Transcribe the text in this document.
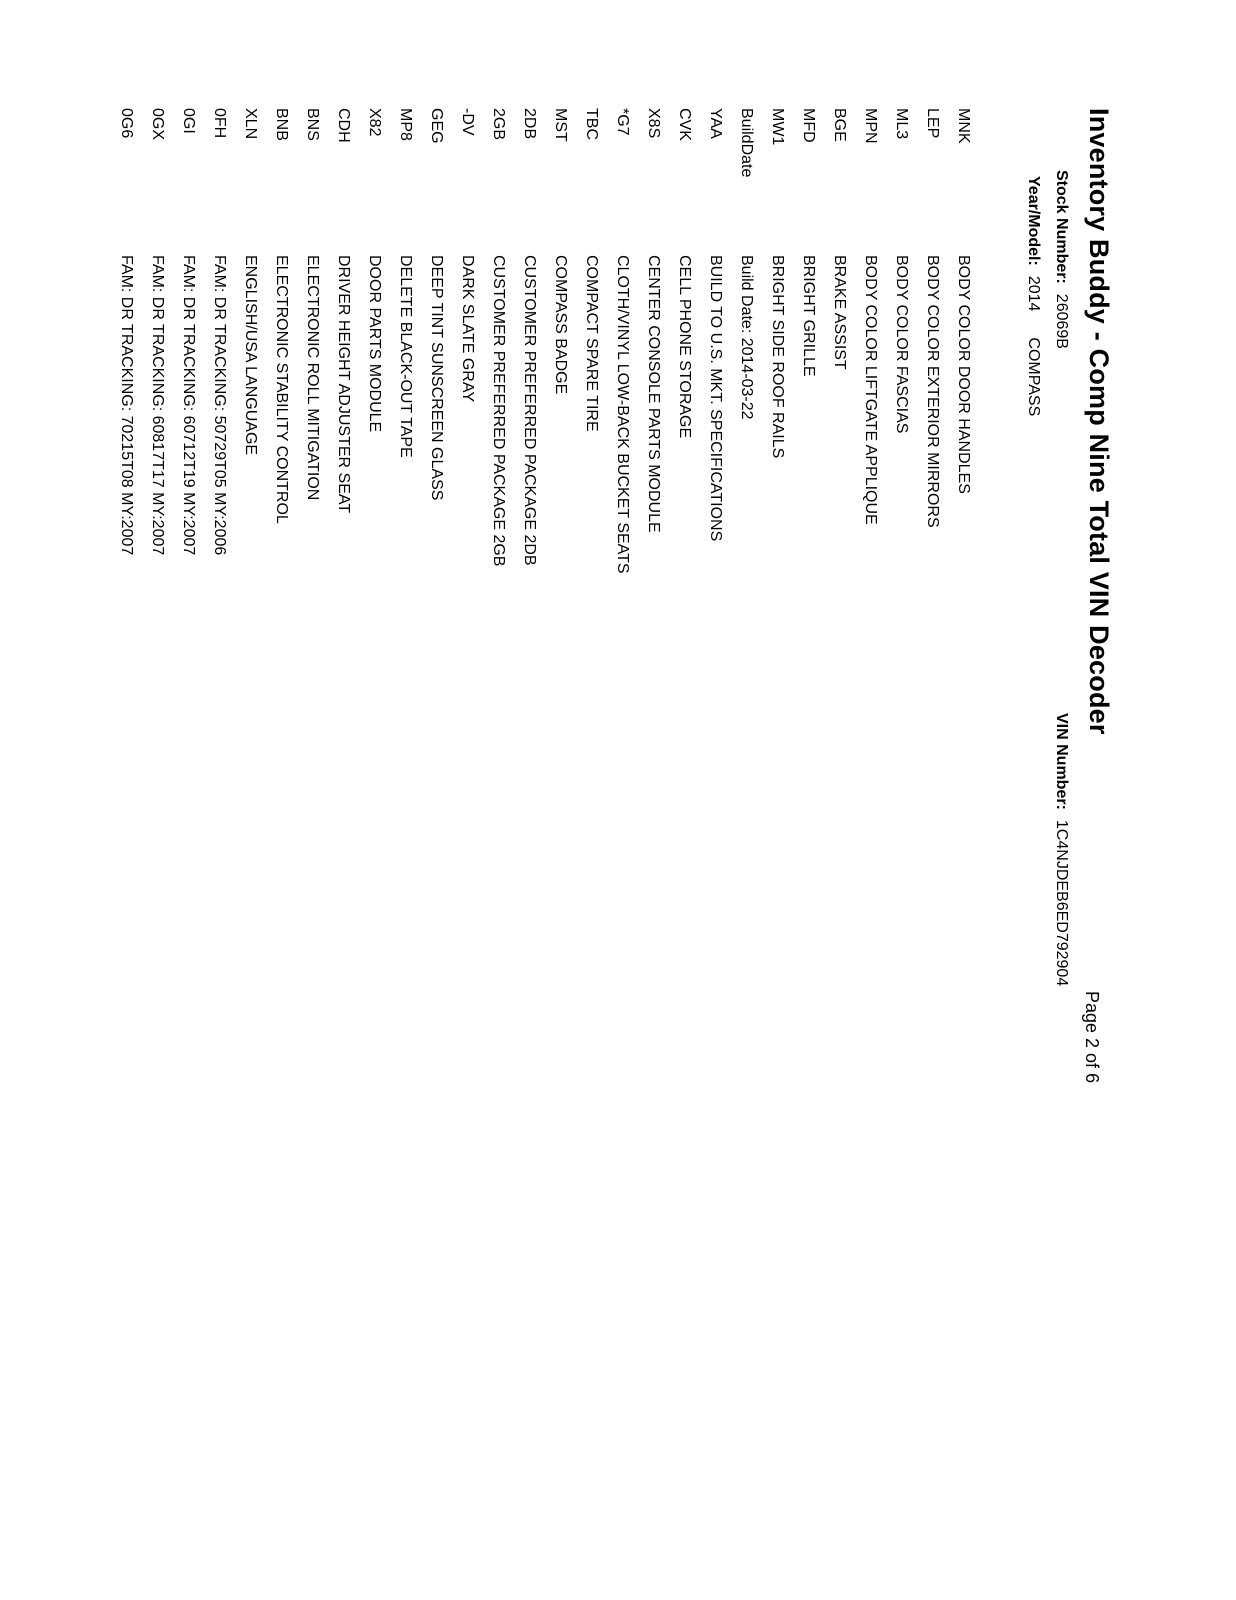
Inventory Buddy - Comp Nine Total VIN Decoder
Page 2 of 6
Stock Number:26069B
VIN Number:1C4NJDEB6ED792904
Year/Model:2014COMPASS
MNK
BODY COLOR DOOR HANDLES
LEP
BODY COLOR EXTERIOR MIRRORS
ML3
BODY COLOR FASCIAS
MPN
BODY COLOR LIFTGATE APPLIQUE
BGE
BRAKE ASSIST
MFD
BRIGHT GRILLE
MW1
BRIGHT SIDE ROOF RAILS
BuildDate
Build Date: 2014-03-22
YAA
BUILD TO U.S. MKT. SPECIFICATIONS
CVK
CELL PHONE STORAGE
X8S
CENTER CONSOLE PARTS MODULE
*G7
CLOTH/VINYL LOW-BACK BUCKET SEATS
TBC
COMPACT SPARE TIRE
MST
COMPASS BADGE
2DB
CUSTOMER PREFERRED PACKAGE 2DB
2GB
CUSTOMER PREFERRED PACKAGE 2GB
-DV
DARK SLATE GRAY
GEG
DEEP TINT SUNSCREEN GLASS
MP8
DELETE BLACK-OUT TAPE
X82
DOOR PARTS MODULE
CDH
DRIVER HEIGHT ADJUSTER SEAT
BNS
ELECTRONIC ROLL MITIGATION
BNB
ELECTRONIC STABILITY CONTROL
XLN
ENGLISH/USA LANGUAGE
0FH
FAM: DR TRACKING: 50729T05 MY:2006
0GI
FAM: DR TRACKING: 60712T19 MY:2007
0GX
FAM: DR TRACKING: 60817T17 MY:2007
0G6
FAM: DR TRACKING: 70215T08 MY:2007
